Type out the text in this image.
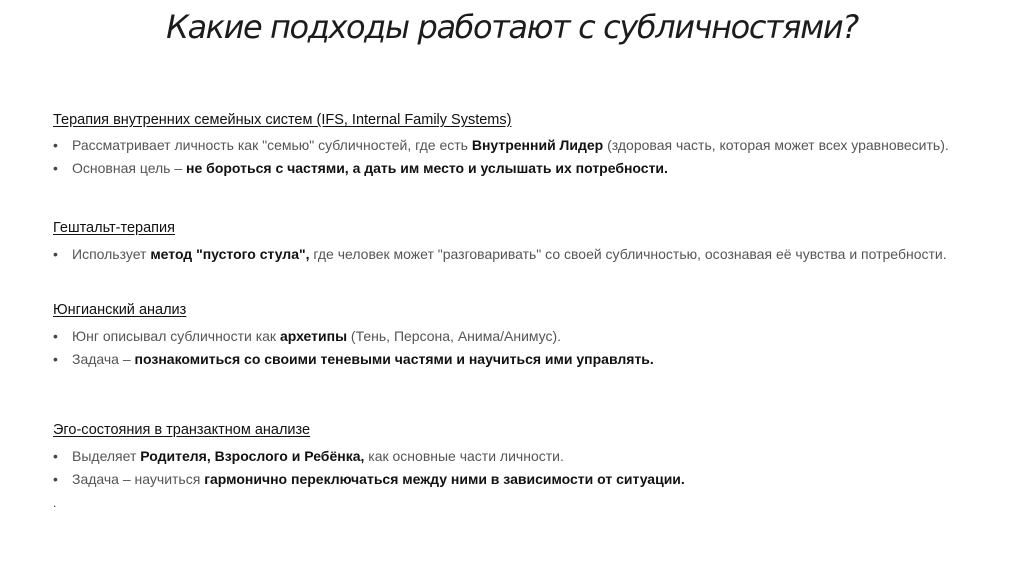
Какие подходы работают с субличностями?
Терапия внутренних семейных систем (IFS, Internal Family Systems)
• Рассматривает личность как "семью" субличностей, где есть Внутренний Лидер (здоровая часть, которая может всех уравновесить).
• Основная цель – не бороться с частями, а дать им место и услышать их потребности.
Гештальт-терапия
• Использует метод "пустого стула", где человек может "разговаривать" со своей субличностью, осознавая её чувства и потребности.
Юнгианский анализ
• Юнг описывал субличности как архетипы (Тень, Персона, Анима/Анимус).
• Задача – познакомиться со своими теневыми частями и научиться ими управлять.
Эго-состояния в транзактном анализе
• Выделяет Родителя, Взрослого и Ребёнка, как основные части личности.
• Задача – научиться гармонично переключаться между ними в зависимости от ситуации.
.
